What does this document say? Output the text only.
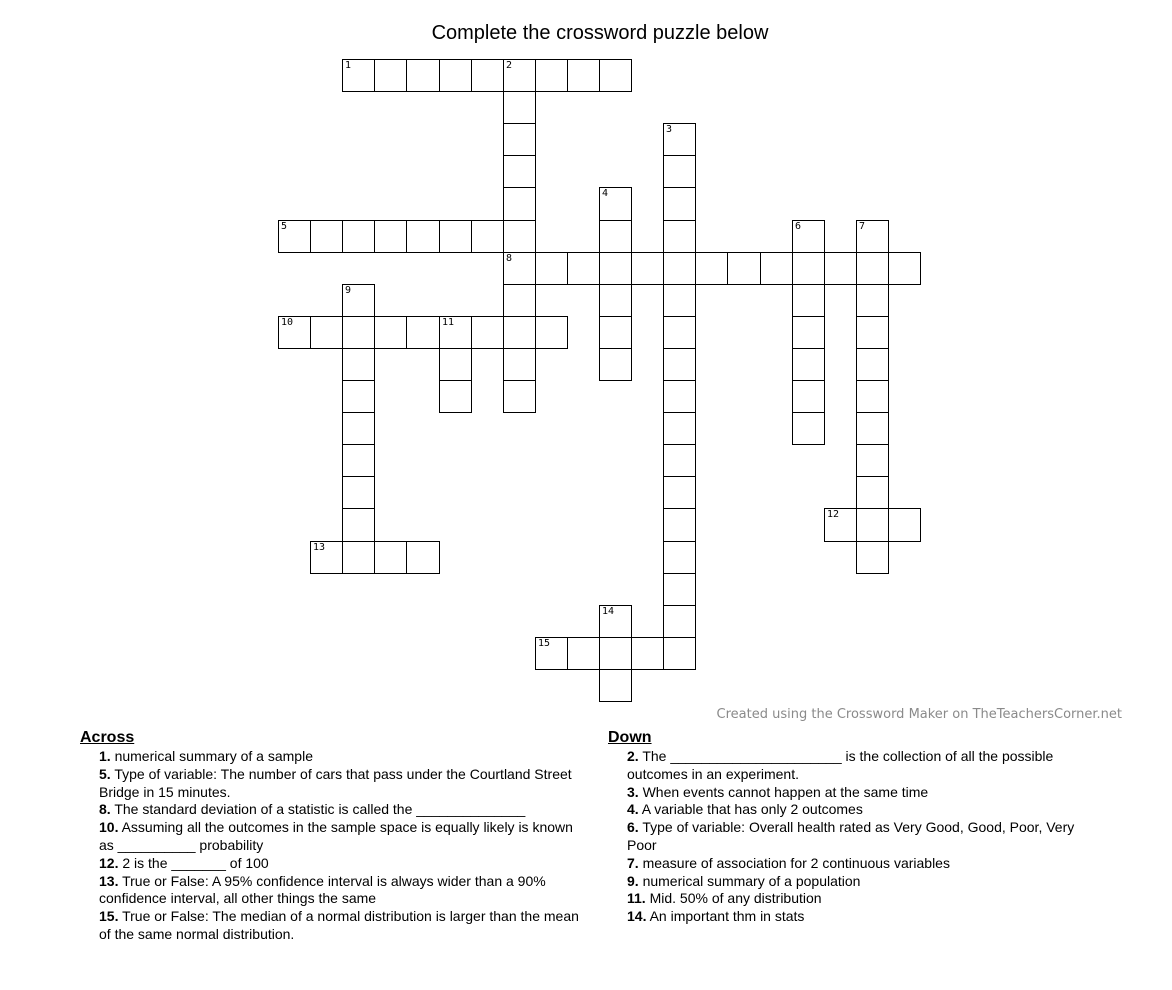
Complete the crossword puzzle below
1	2
8
3
4
5	6	7
9
10	11
12
13
14
15
Created using the Crossword Maker on TheTeachersCorner.net
Across
1. numerical summary of a sample
5. Type of variable: The number of cars that pass under the Courtland Street Bridge in 15 minutes.
8. The standard deviation of a statistic is called the ______________
10. Assuming all the outcomes in the sample space is equally likely is known as __________ probability
12. 2 is the _______ of 100
13. True or False: A 95% confidence interval is always wider than a 90% confidence interval, all other things the same
15. True or False: The median of a normal distribution is larger than the mean of the same normal distribution.
Down
2. The ______________________ is the collection of all the possible outcomes in an experiment.
3. When events cannot happen at the same time
4. A variable that has only 2 outcomes
6. Type of variable: Overall health rated as Very Good, Good, Poor, Very Poor
7. measure of association for 2 continuous variables
9. numerical summary of a population
11. Mid. 50% of any distribution
14. An important thm in stats
